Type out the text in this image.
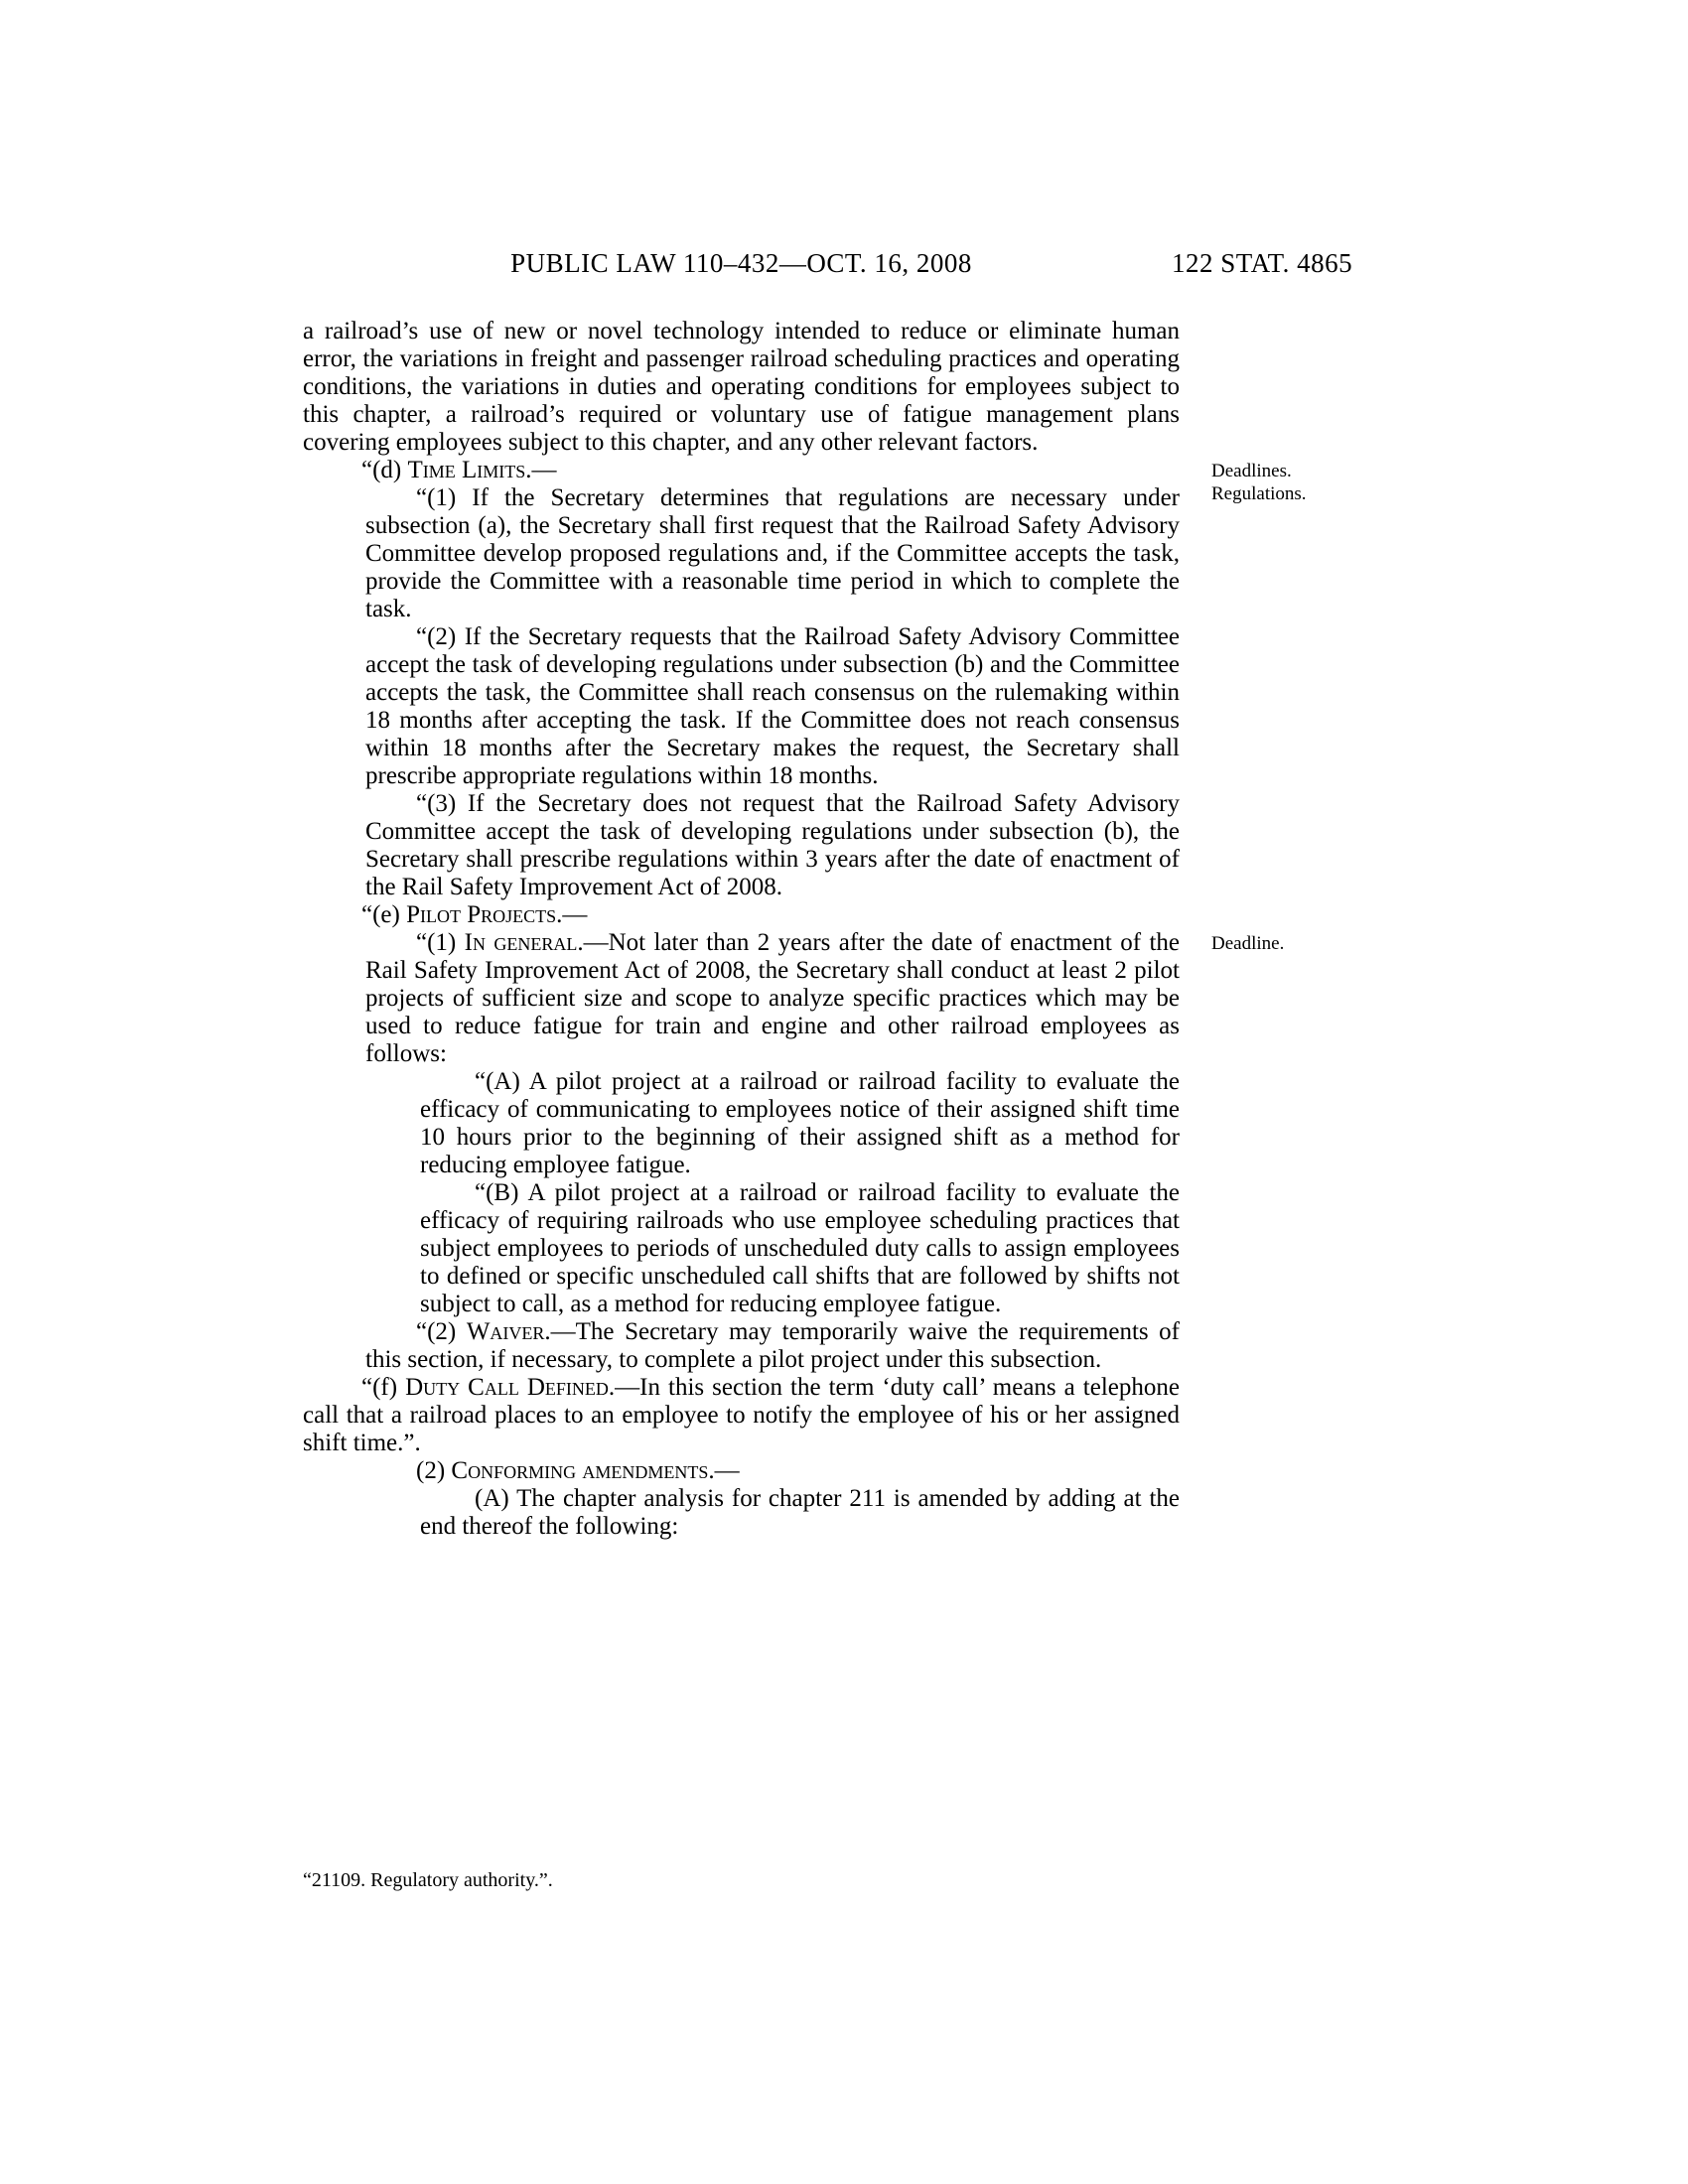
PUBLIC LAW 110–432—OCT. 16, 2008	122 STAT. 4865

a railroad’s use of new or novel technology intended to reduce or eliminate human error, the variations in freight and passenger railroad scheduling practices and operating conditions, the variations in duties and operating conditions for employees subject to this chapter, a railroad’s required or voluntary use of fatigue management plans covering employees subject to this chapter, and any other relevant factors.

“(d) Time Limits.—	Deadlines.
Regulations.

“(1) If the Secretary determines that regulations are necessary under subsection (a), the Secretary shall first request that the Railroad Safety Advisory Committee develop proposed regulations and, if the Committee accepts the task, provide the Committee with a reasonable time period in which to complete the task.

“(2) If the Secretary requests that the Railroad Safety Advisory Committee accept the task of developing regulations under subsection (b) and the Committee accepts the task, the Committee shall reach consensus on the rulemaking within 18 months after accepting the task. If the Committee does not reach consensus within 18 months after the Secretary makes the request, the Secretary shall prescribe appropriate regulations within 18 months.

“(3) If the Secretary does not request that the Railroad Safety Advisory Committee accept the task of developing regulations under subsection (b), the Secretary shall prescribe regulations within 3 years after the date of enactment of the Rail Safety Improvement Act of 2008.

“(e) Pilot Projects.—

“(1) In general.—Not later than 2 years after the date of enactment of the Rail Safety Improvement Act of 2008, the Secretary shall conduct at least 2 pilot projects of sufficient size and scope to analyze specific practices which may be used to reduce fatigue for train and engine and other railroad employees as follows:

Deadline.

“(A) A pilot project at a railroad or railroad facility to evaluate the efficacy of communicating to employees notice of their assigned shift time 10 hours prior to the beginning of their assigned shift as a method for reducing employee fatigue.

“(B) A pilot project at a railroad or railroad facility to evaluate the efficacy of requiring railroads who use employee scheduling practices that subject employees to periods of unscheduled duty calls to assign employees to defined or specific unscheduled call shifts that are followed by shifts not subject to call, as a method for reducing employee fatigue.

“(2) Waiver.—The Secretary may temporarily waive the requirements of this section, if necessary, to complete a pilot project under this subsection.

“(f) Duty Call Defined.—In this section the term ‘duty call’ means a telephone call that a railroad places to an employee to notify the employee of his or her assigned shift time.”.

(2) Conforming amendments.—

(A) The chapter analysis for chapter 211 is amended by adding at the end thereof the following:

“21109. Regulatory authority.”.
